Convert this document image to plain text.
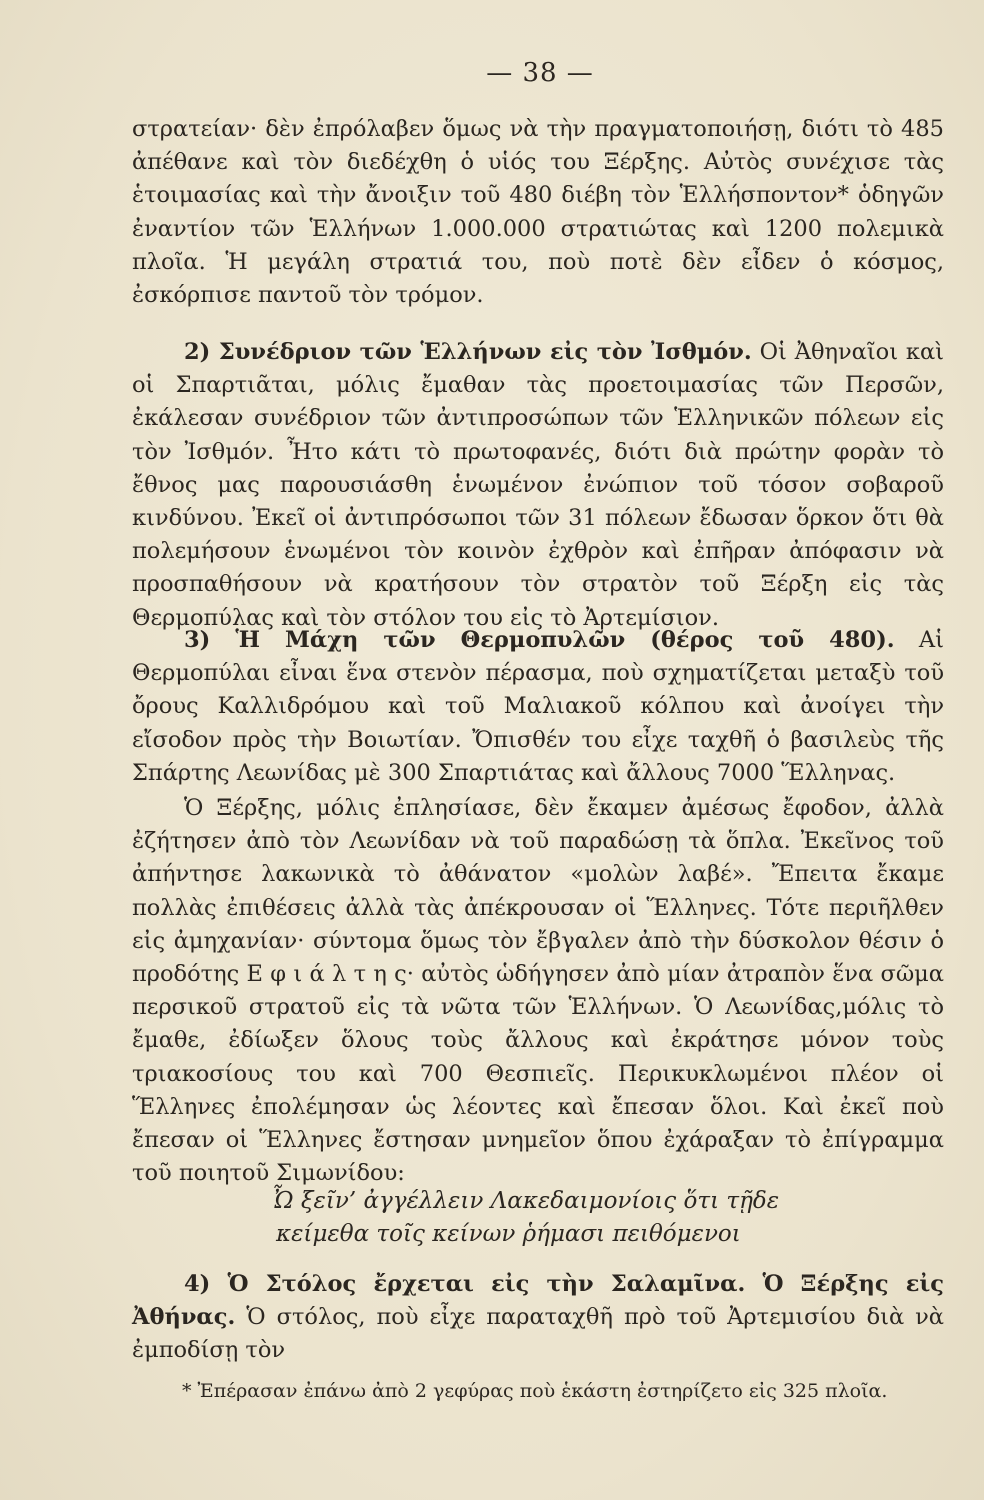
— 38 —

στρατείαν· δὲν ἐπρόλαβεν ὅμως νὰ τὴν πραγματοποιήσῃ, διότι τὸ 485 ἀπέθανε καὶ τὸν διεδέχθη ὁ υἱός του Ξέρξης. Αὐτὸς συνέχισε τὰς ἑτοιμασίας καὶ τὴν ἄνοιξιν τοῦ 480 διέβη τὸν Ἑλλήσποντον* ὁδηγῶν ἐναντίον τῶν Ἑλλήνων 1.000.000 στρατιώτας καὶ 1200 πολεμικὰ πλοῖα. Ἡ μεγάλη στρατιά του, ποὺ ποτὲ δὲν εἶδεν ὁ κόσμος, ἐσκόρπισε παντοῦ τὸν τρόμον.

2) Συνέδριον τῶν Ἑλλήνων εἰς τὸν Ἰσθμόν. Οἱ Ἀθηναῖοι καὶ οἱ Σπαρτιᾶται, μόλις ἔμαθαν τὰς προετοιμασίας τῶν Περσῶν, ἐκάλεσαν συνέδριον τῶν ἀντιπροσώπων τῶν Ἑλληνικῶν πόλεων εἰς τὸν Ἰσθμόν. Ἦτο κάτι τὸ πρωτοφανές, διότι διὰ πρώτην φορὰν τὸ ἔθνος μας παρουσιάσθη ἑνωμένον ἐνώπιον τοῦ τόσον σοβαροῦ κινδύνου. Ἐκεῖ οἱ ἀντιπρόσωποι τῶν 31 πόλεων ἔδωσαν ὅρκον ὅτι θὰ πολεμήσουν ἑνωμένοι τὸν κοινὸν ἐχθρὸν καὶ ἐπῆραν ἀπόφασιν νὰ προσπαθήσουν νὰ κρατήσουν τὸν στρατὸν τοῦ Ξέρξη εἰς τὰς Θερμοπύλας καὶ τὸν στόλον του εἰς τὸ Ἀρτεμίσιον.

3) Ἡ Μάχη τῶν Θερμοπυλῶν (θέρος τοῦ 480). Αἱ Θερμοπύλαι εἶναι ἕνα στενὸν πέρασμα, ποὺ σχηματίζεται μεταξὺ τοῦ ὄρους Καλλιδρόμου καὶ τοῦ Μαλιακοῦ κόλπου καὶ ἀνοίγει τὴν εἴσοδον πρὸς τὴν Βοιωτίαν. Ὄπισθέν του εἶχε ταχθῆ ὁ βασιλεὺς τῆς Σπάρτης Λεωνίδας μὲ 300 Σπαρτιάτας καὶ ἄλλους 7000 Ἕλληνας.

Ὁ Ξέρξης, μόλις ἐπλησίασε, δὲν ἔκαμεν ἀμέσως ἔφοδον, ἀλλὰ ἐζήτησεν ἀπὸ τὸν Λεωνίδαν νὰ τοῦ παραδώσῃ τὰ ὅπλα. Ἐκεῖνος τοῦ ἀπήντησε λακωνικὰ τὸ ἀθάνατον «μολὼν λαβέ». Ἔπειτα ἔκαμε πολλὰς ἐπιθέσεις ἀλλὰ τὰς ἀπέκρουσαν οἱ Ἕλληνες. Τότε περιῆλθεν εἰς ἀμηχανίαν· σύντομα ὅμως τὸν ἔβγαλεν ἀπὸ τὴν δύσκολον θέσιν ὁ προδότης Ε φ ι ά λ τ η ς· αὐτὸς ὡδήγησεν ἀπὸ μίαν ἀτραπὸν ἕνα σῶμα περσικοῦ στρατοῦ εἰς τὰ νῶτα τῶν Ἑλλήνων. Ὁ Λεωνίδας,μόλις τὸ ἔμαθε, ἐδίωξεν ὅλους τοὺς ἄλλους καὶ ἐκράτησε μόνον τοὺς τριακοσίους του καὶ 700 Θεσπιεῖς. Περικυκλωμένοι πλέον οἱ Ἕλληνες ἐπολέμησαν ὡς λέοντες καὶ ἔπεσαν ὅλοι. Καὶ ἐκεῖ ποὺ ἔπεσαν οἱ Ἕλληνες ἔστησαν μνημεῖον ὅπου ἐχάραξαν τὸ ἐπίγραμμα τοῦ ποιητοῦ Σιμωνίδου:

Ὦ ξεῖν’ ἀγγέλλειν Λακεδαιμονίοις ὅτι τῇδε
κείμεθα τοῖς κείνων ῥήμασι πειθόμενοι

4) Ὁ Στόλος ἔρχεται εἰς τὴν Σαλαμῖνα. Ὁ Ξέρξης εἰς Ἀθήνας. Ὁ στόλος, ποὺ εἶχε παραταχθῆ πρὸ τοῦ Ἀρτεμισίου διὰ νὰ ἐμποδίσῃ τὸν

* Ἐπέρασαν ἐπάνω ἀπὸ 2 γεφύρας ποὺ ἑκάστη ἐστηρίζετο εἰς 325 πλοῖα.
